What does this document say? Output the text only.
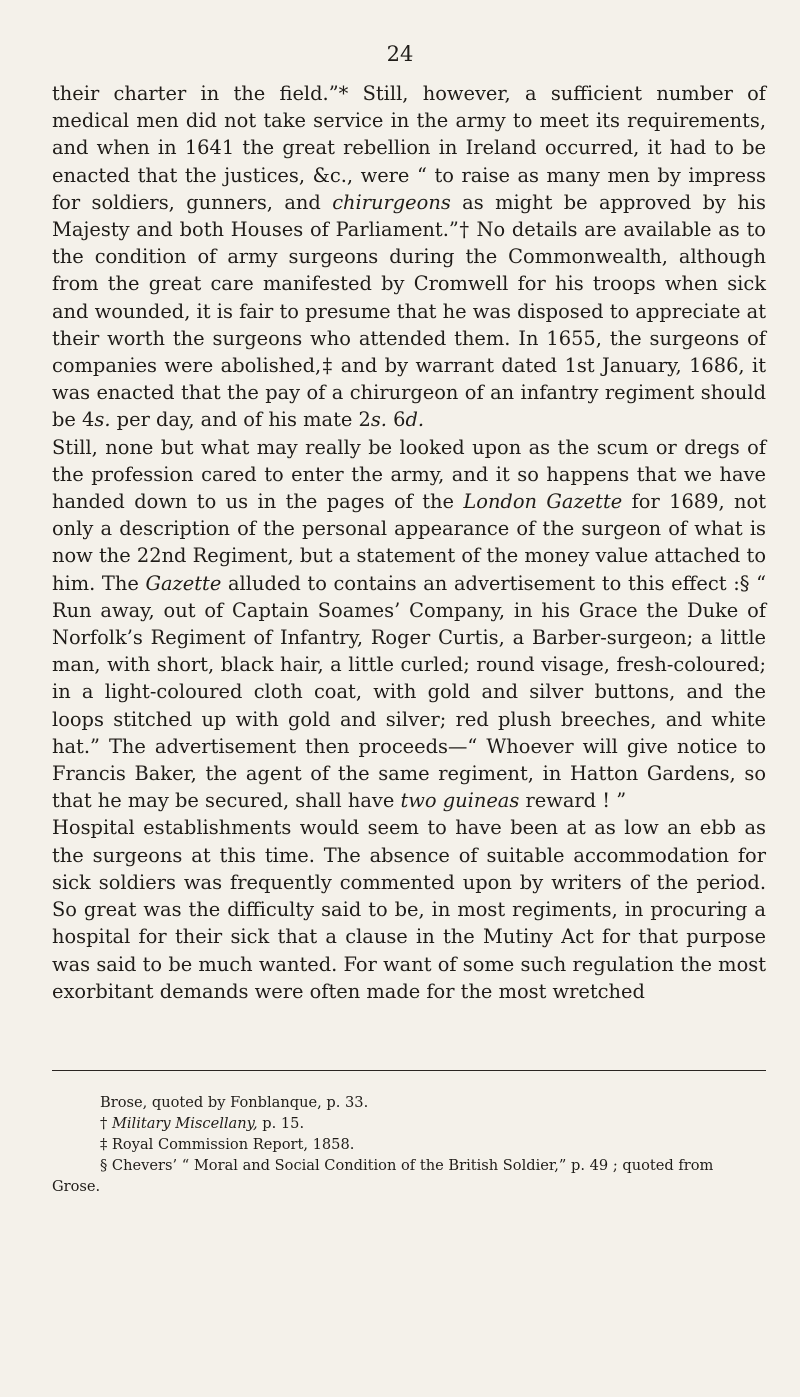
24

their charter in the field.”* Still, however, a sufficient number of medical men did not take service in the army to meet its requirements, and when in 1641 the great rebellion in Ireland occurred, it had to be enacted that the justices, &c., were “ to raise as many men by impress for soldiers, gunners, and chirurgeons as might be approved by his Majesty and both Houses of Parliament.”† No details are available as to the condition of army surgeons during the Commonwealth, although from the great care manifested by Cromwell for his troops when sick and wounded, it is fair to presume that he was disposed to appreciate at their worth the surgeons who attended them. In 1655, the surgeons of companies were abolished,‡ and by warrant dated 1st January, 1686, it was enacted that the pay of a chirurgeon of an infantry regiment should be 4s. per day, and of his mate 2s. 6d.

Still, none but what may really be looked upon as the scum or dregs of the profession cared to enter the army, and it so happens that we have handed down to us in the pages of the London Gazette for 1689, not only a description of the personal appearance of the surgeon of what is now the 22nd Regiment, but a statement of the money value attached to him. The Gazette alluded to contains an advertisement to this effect :§ “ Run away, out of Captain Soames’ Company, in his Grace the Duke of Norfolk’s Regiment of Infantry, Roger Curtis, a Barber-surgeon; a little man, with short, black hair, a little curled; round visage, fresh-coloured; in a light-coloured cloth coat, with gold and silver buttons, and the loops stitched up with gold and silver; red plush breeches, and white hat.” The advertisement then proceeds—“ Whoever will give notice to Francis Baker, the agent of the same regiment, in Hatton Gardens, so that he may be secured, shall have two guineas reward ! ”

Hospital establishments would seem to have been at as low an ebb as the surgeons at this time. The absence of suitable accommodation for sick soldiers was frequently commented upon by writers of the period. So great was the difficulty said to be, in most regiments, in procuring a hospital for their sick that a clause in the Mutiny Act for that purpose was said to be much wanted. For want of some such regulation the most exorbitant demands were often made for the most wretched

Brose, quoted by Fonblanque, p. 33.

† Military Miscellany, p. 15.

‡ Royal Commission Report, 1858.

§ Chevers’ “ Moral and Social Condition of the British Soldier,” p. 49 ; quoted from Grose.
